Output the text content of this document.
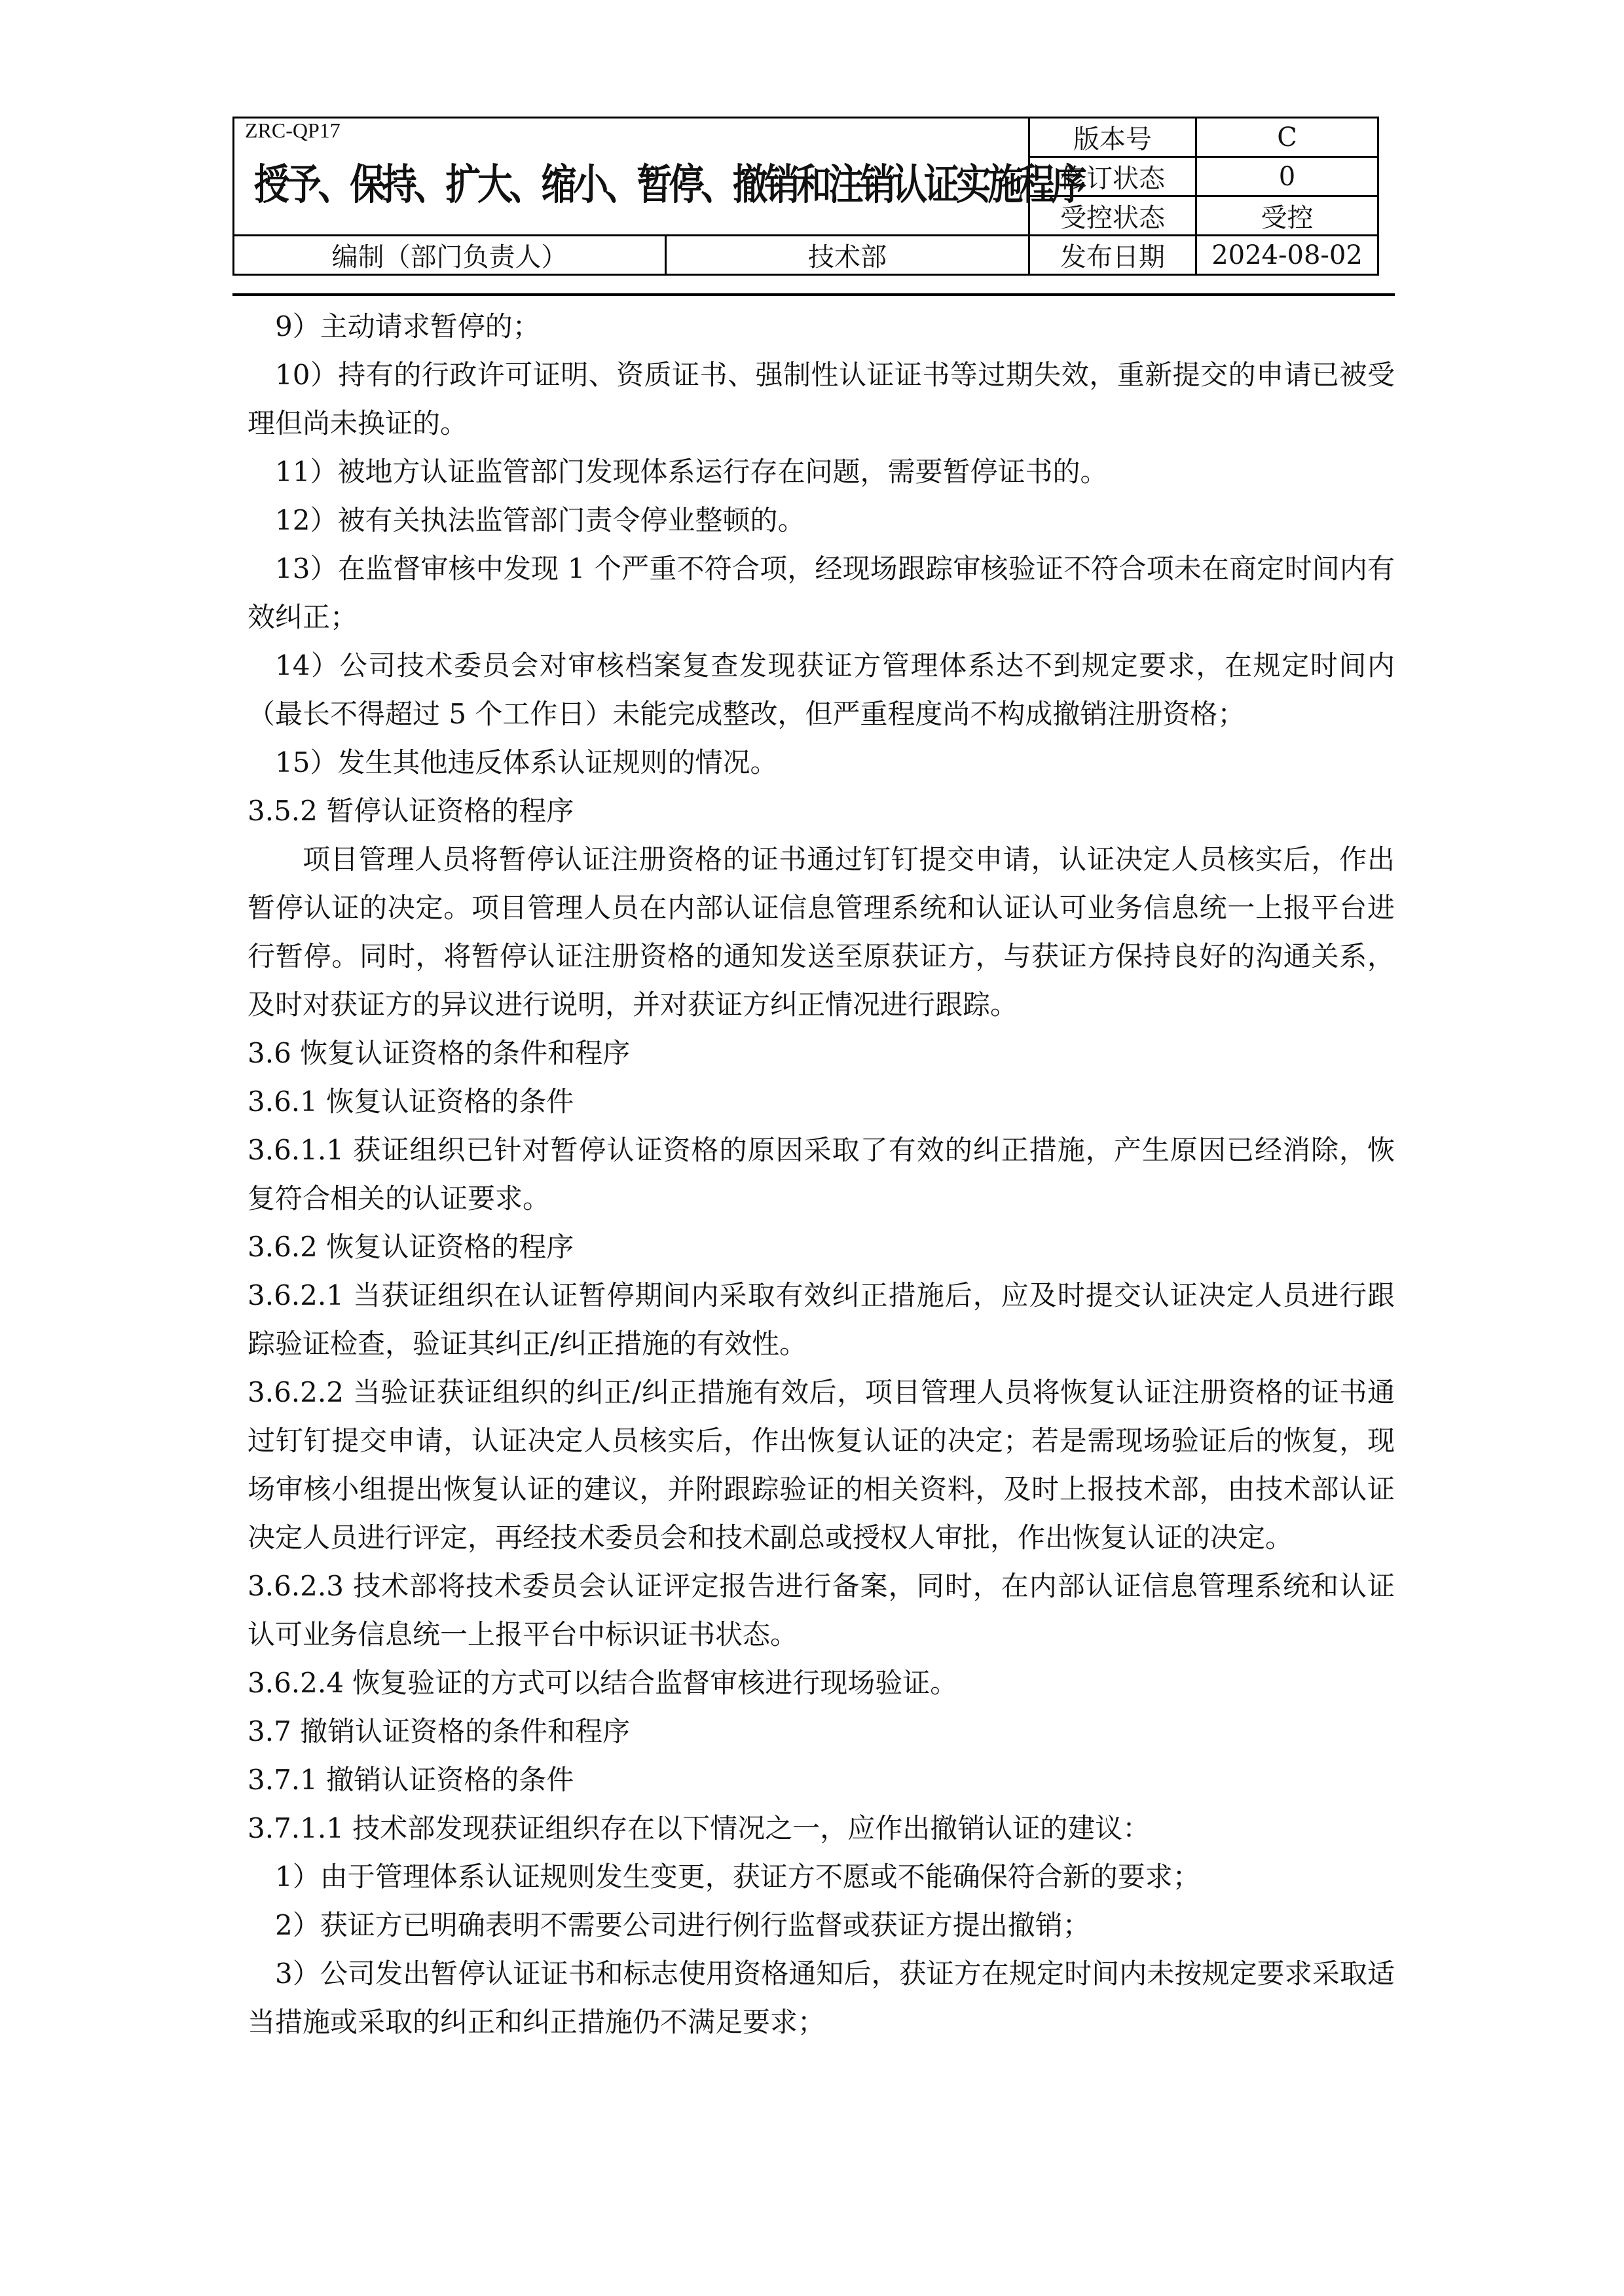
ZRC-QP17
授予、保持、扩大、缩小、暂停、撤销和注销认证实施程序		版本号	C
		修订状态	0
		受控状态	受控
编制（部门负责人）	技术部	发布日期	2024-08-02

9）主动请求暂停的；

10）持有的行政许可证明、资质证书、强制性认证证书等过期失效，重新提交的申请已被受理但尚未换证的。

11）被地方认证监管部门发现体系运行存在问题，需要暂停证书的。

12）被有关执法监管部门责令停业整顿的。

13）在监督审核中发现 1 个严重不符合项，经现场跟踪审核验证不符合项未在商定时间内有效纠正；

14）公司技术委员会对审核档案复查发现获证方管理体系达不到规定要求，在规定时间内（最长不得超过 5 个工作日）未能完成整改，但严重程度尚不构成撤销注册资格；

15）发生其他违反体系认证规则的情况。

3.5.2 暂停认证资格的程序

项目管理人员将暂停认证注册资格的证书通过钉钉提交申请，认证决定人员核实后，作出暂停认证的决定。项目管理人员在内部认证信息管理系统和认证认可业务信息统一上报平台进行暂停。同时，将暂停认证注册资格的通知发送至原获证方，与获证方保持良好的沟通关系，及时对获证方的异议进行说明，并对获证方纠正情况进行跟踪。

3.6 恢复认证资格的条件和程序

3.6.1 恢复认证资格的条件

3.6.1.1 获证组织已针对暂停认证资格的原因采取了有效的纠正措施，产生原因已经消除，恢复符合相关的认证要求。

3.6.2 恢复认证资格的程序

3.6.2.1 当获证组织在认证暂停期间内采取有效纠正措施后，应及时提交认证决定人员进行跟踪验证检查，验证其纠正/纠正措施的有效性。

3.6.2.2 当验证获证组织的纠正/纠正措施有效后，项目管理人员将恢复认证注册资格的证书通过钉钉提交申请，认证决定人员核实后，作出恢复认证的决定；若是需现场验证后的恢复，现场审核小组提出恢复认证的建议，并附跟踪验证的相关资料，及时上报技术部，由技术部认证决定人员进行评定，再经技术委员会和技术副总或授权人审批，作出恢复认证的决定。

3.6.2.3 技术部将技术委员会认证评定报告进行备案，同时，在内部认证信息管理系统和认证认可业务信息统一上报平台中标识证书状态。

3.6.2.4 恢复验证的方式可以结合监督审核进行现场验证。

3.7 撤销认证资格的条件和程序

3.7.1 撤销认证资格的条件

3.7.1.1 技术部发现获证组织存在以下情况之一，应作出撤销认证的建议：

1）由于管理体系认证规则发生变更，获证方不愿或不能确保符合新的要求；

2）获证方已明确表明不需要公司进行例行监督或获证方提出撤销；

3）公司发出暂停认证证书和标志使用资格通知后，获证方在规定时间内未按规定要求采取适当措施或采取的纠正和纠正措施仍不满足要求；
